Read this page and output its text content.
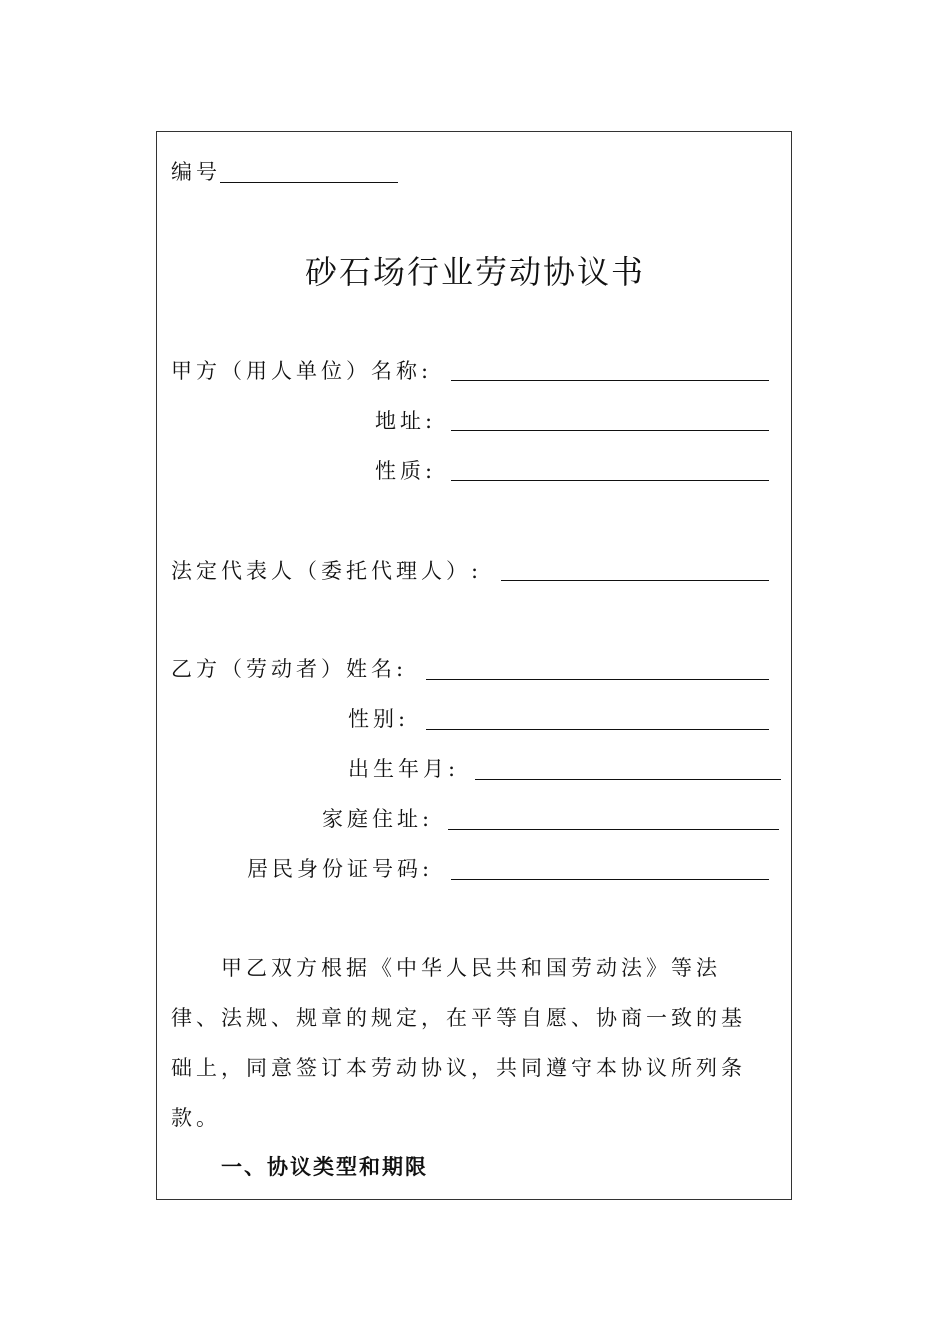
编号
砂石场行业劳动协议书
甲方（用人单位）名称:
地址:
性质:
法定代表人（委托代理人）:
乙方（劳动者）姓名:
性别:
出生年月:
家庭住址:
居民身份证号码:
甲乙双方根据《中华人民共和国劳动法》等法
律、法规、规章的规定，在平等自愿、协商一致的基
础上，同意签订本劳动协议，共同遵守本协议所列条
款。
一、协议类型和期限
